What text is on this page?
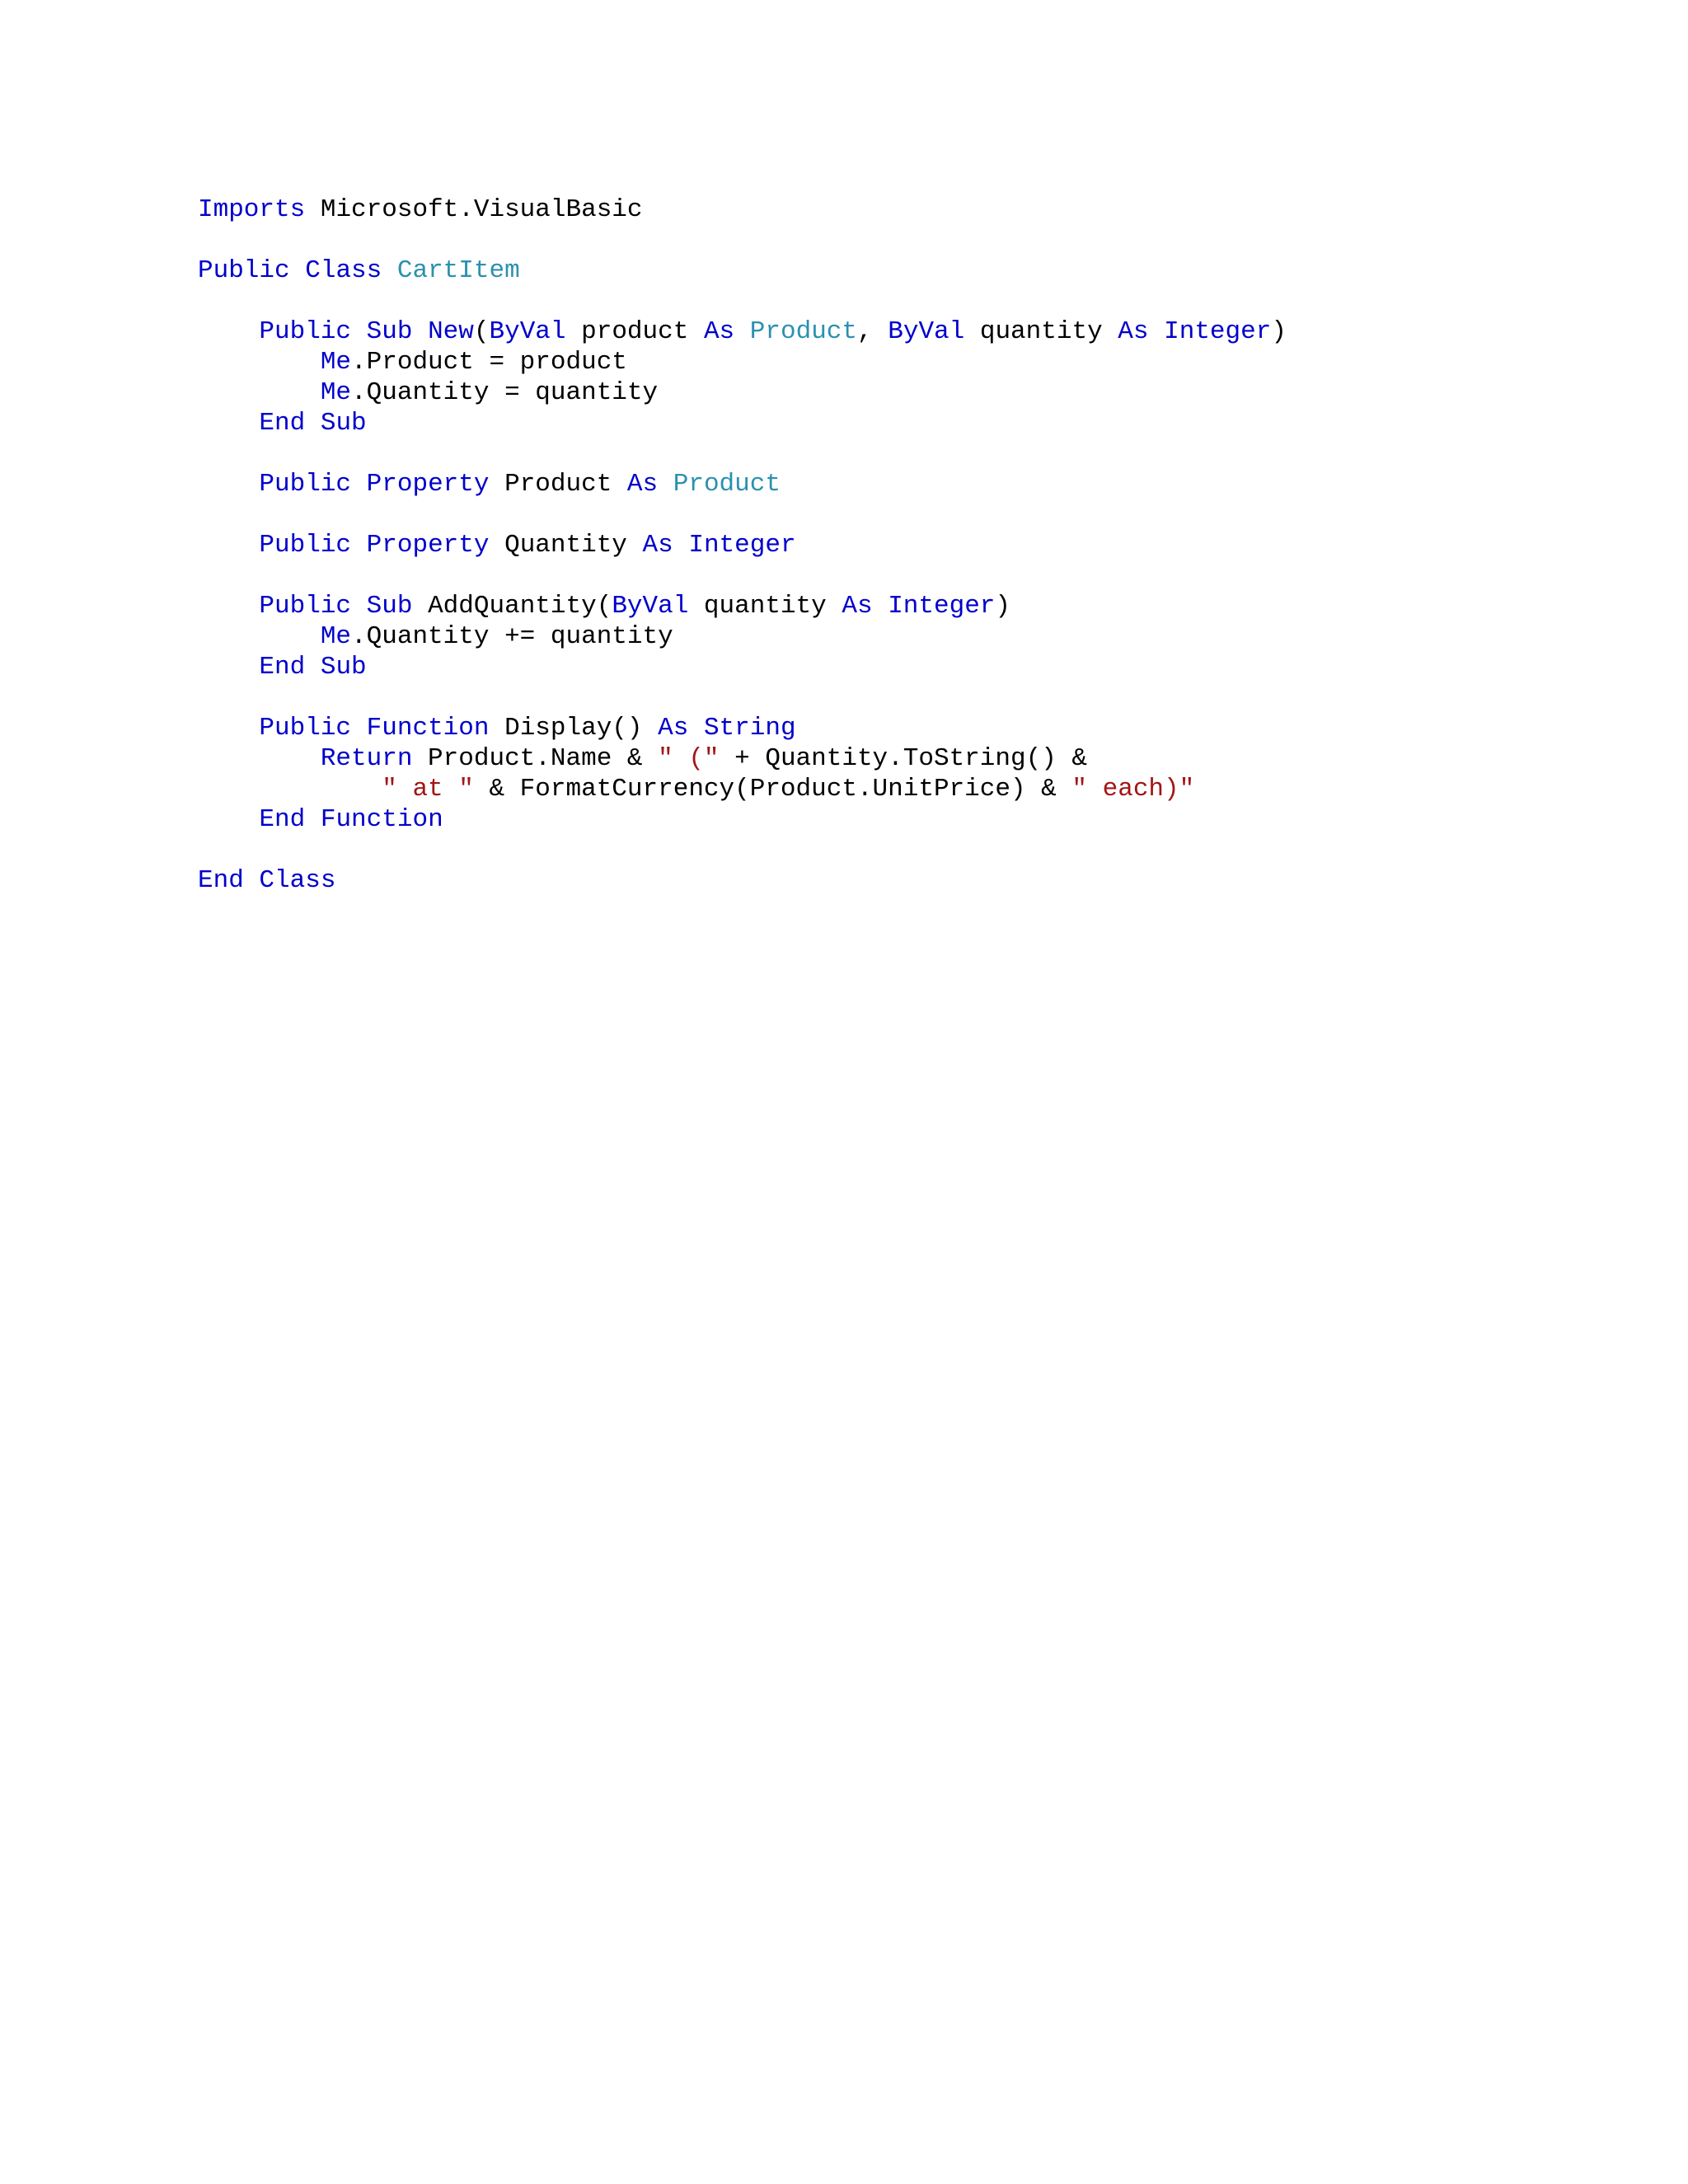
Imports Microsoft.VisualBasic

Public Class CartItem

Public Sub New(ByVal product As Product, ByVal quantity As Integer)
Me.Product = product
Me.Quantity = quantity
End Sub

Public Property Product As Product

Public Property Quantity As Integer

Public Sub AddQuantity(ByVal quantity As Integer)
Me.Quantity += quantity
End Sub

Public Function Display() As String
Return Product.Name & " (" + Quantity.ToString() &
" at " & FormatCurrency(Product.UnitPrice) & " each)"
End Function

End Class
